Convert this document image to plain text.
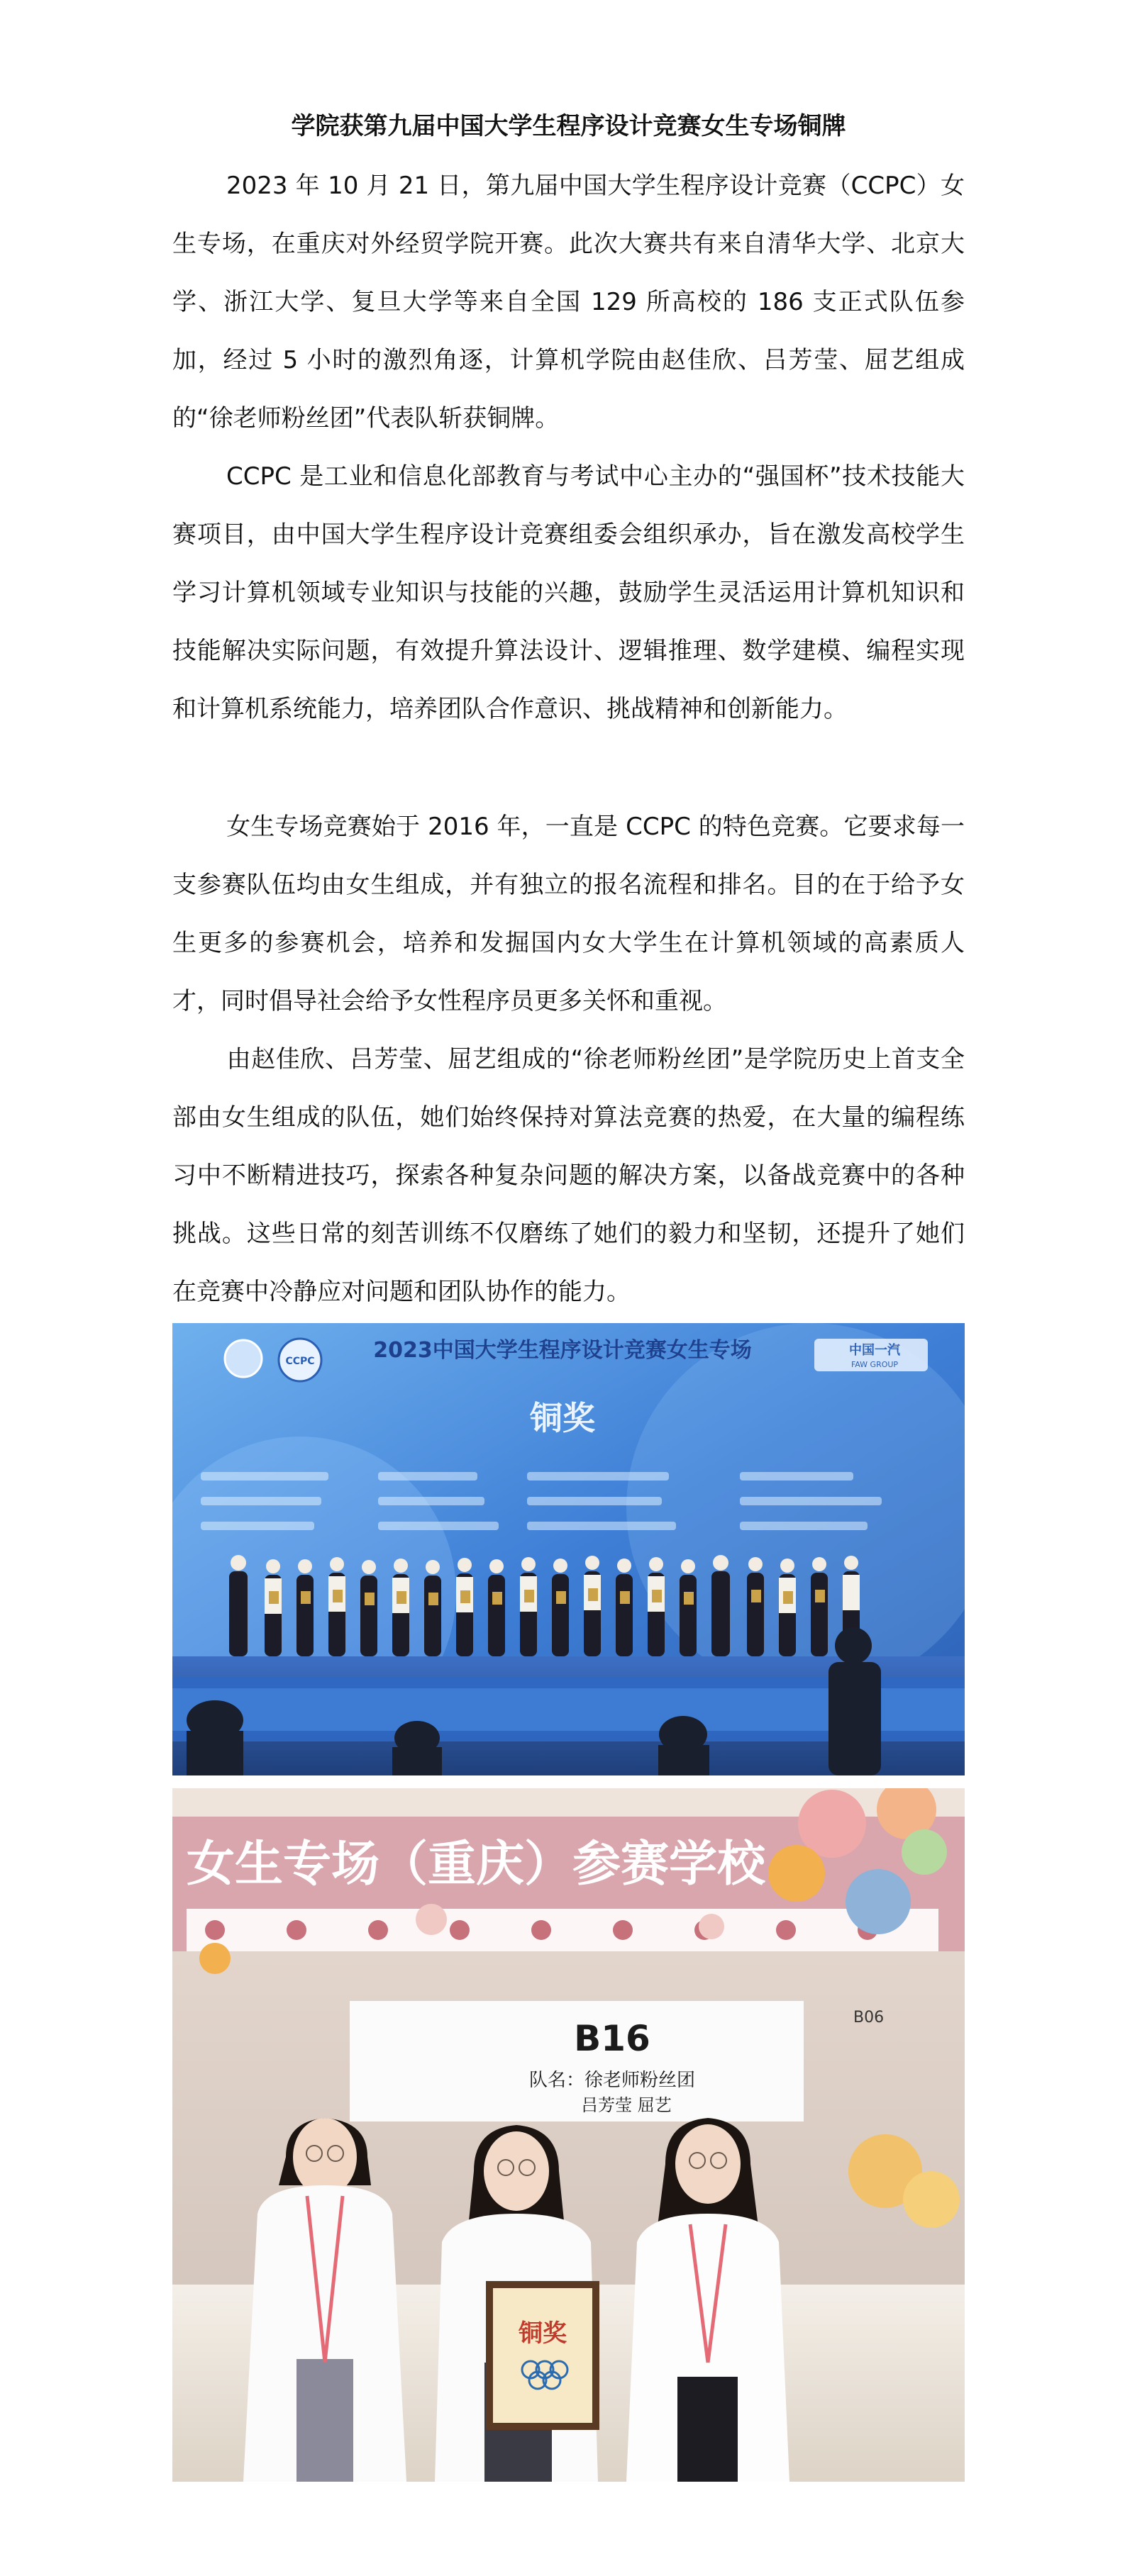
学院获第九届中国大学生程序设计竞赛女生专场铜牌
2023 年 10 月 21 日，第九届中国大学生程序设计竞赛（CCPC）女生专场，在重庆对外经贸学院开赛。此次大赛共有来自清华大学、北京大学、浙江大学、复旦大学等来自全国 129 所高校的 186 支正式队伍参加，经过 5 小时的激烈角逐，计算机学院由赵佳欣、吕芳莹、屈艺组成的“徐老师粉丝团”代表队斩获铜牌。
CCPC 是工业和信息化部教育与考试中心主办的“强国杯”技术技能大赛项目，由中国大学生程序设计竞赛组委会组织承办，旨在激发高校学生学习计算机领域专业知识与技能的兴趣，鼓励学生灵活运用计算机知识和技能解决实际问题，有效提升算法设计、逻辑推理、数学建模、编程实现和计算机系统能力，培养团队合作意识、挑战精神和创新能力。
女生专场竞赛始于 2016 年，一直是 CCPC 的特色竞赛。它要求每一支参赛队伍均由女生组成，并有独立的报名流程和排名。目的在于给予女生更多的参赛机会，培养和发掘国内女大学生在计算机领域的高素质人才，同时倡导社会给予女性程序员更多关怀和重视。
由赵佳欣、吕芳莹、屈艺组成的“徐老师粉丝团”是学院历史上首支全部由女生组成的队伍，她们始终保持对算法竞赛的热爱，在大量的编程练习中不断精进技巧，探索各种复杂问题的解决方案，以备战竞赛中的各种挑战。这些日常的刻苦训练不仅磨练了她们的毅力和坚韧，还提升了她们在竞赛中冷静应对问题和团队协作的能力。
CCPC	2023中国大学生程序设计竞赛女生专场	中国一汽
FAW GROUP
铜奖
女生专场（重庆）参赛学校
B16
队名：徐老师粉丝团
吕芳莹 屈艺
B06
铜奖
